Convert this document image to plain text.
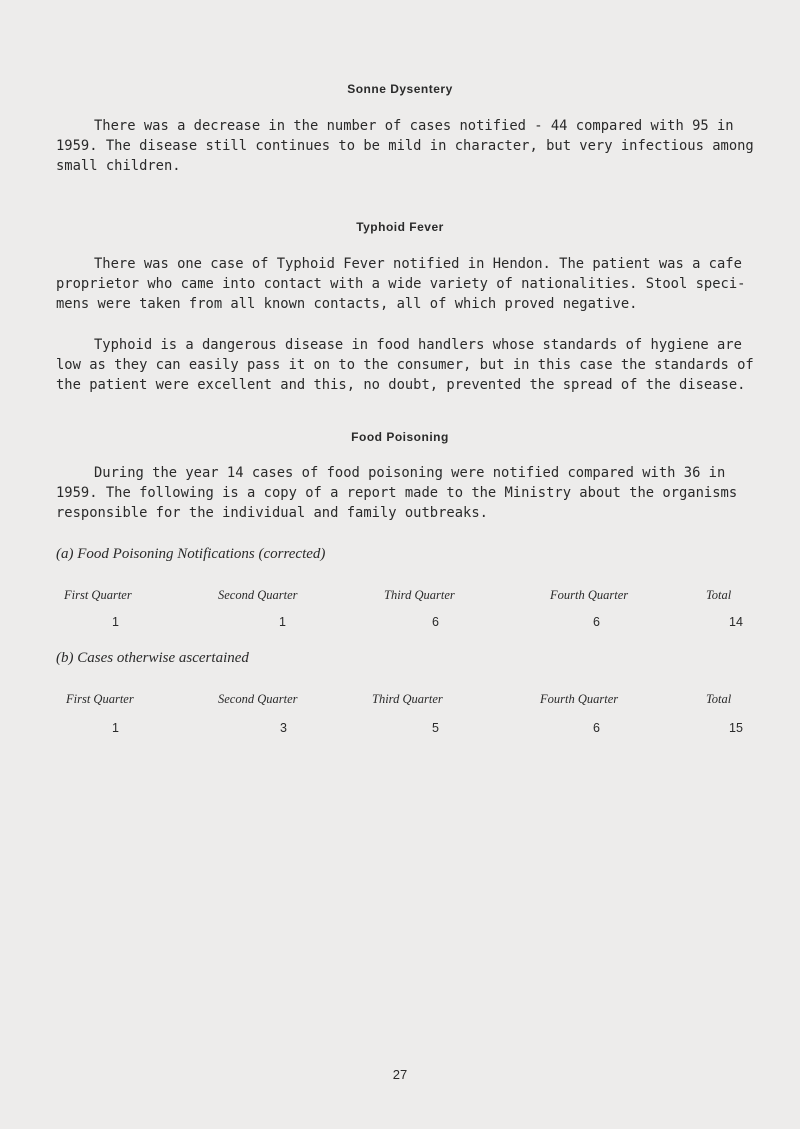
Sonne Dysentery
There was a decrease in the number of cases notified - 44 compared with 95 in
1959. The disease still continues to be mild in character, but very infectious among
small children.
Typhoid Fever
There was one case of Typhoid Fever notified in Hendon. The patient was a cafe
proprietor who came into contact with a wide variety of nationalities. Stool speci-
mens were taken from all known contacts, all of which proved negative.
Typhoid is a dangerous disease in food handlers whose standards of hygiene are
low as they can easily pass it on to the consumer, but in this case the standards of
the patient were excellent and this, no doubt, prevented the spread of the disease.
Food Poisoning
During the year 14 cases of food poisoning were notified compared with 36 in
1959. The following is a copy of a report made to the Ministry about the organisms
responsible for the individual and family outbreaks.
(a) Food Poisoning Notifications (corrected)
First Quarter	Second Quarter	Third Quarter	Fourth Quarter	Total
1	1	6	6	14
(b) Cases otherwise ascertained
First Quarter	Second Quarter	Third Quarter	Fourth Quarter	Total
1	3	5	6	15
27
